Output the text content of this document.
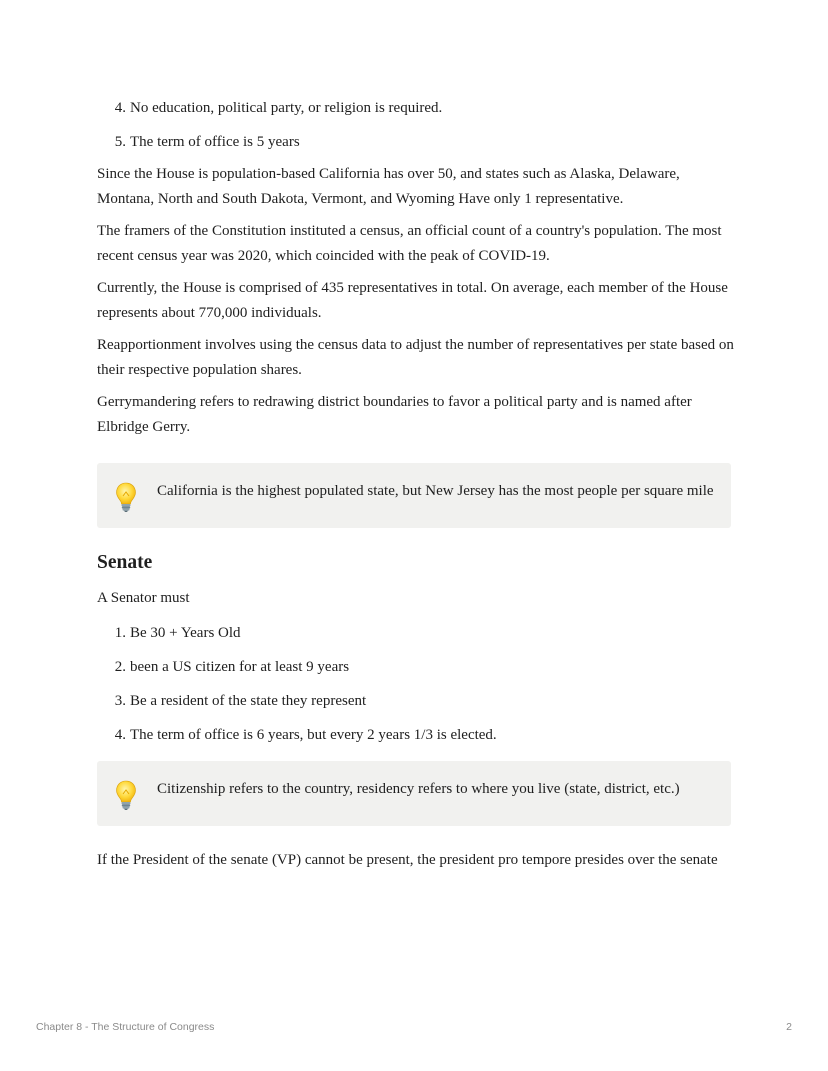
4. No education, political party, or religion is required.
5. The term of office is 5 years

Since the House is population-based California has over 50, and states such as Alaska, Delaware, Montana, North and South Dakota, Vermont, and Wyoming Have only 1 representative.

The framers of the Constitution instituted a census, an official count of a country's population. The most recent census year was 2020, which coincided with the peak of COVID-19.

Currently, the House is comprised of 435 representatives in total. On average, each member of the House represents about 770,000 individuals.

Reapportionment involves using the census data to adjust the number of representatives per state based on their respective population shares.

Gerrymandering refers to redrawing district boundaries to favor a political party and is named after Elbridge Gerry.

California is the highest populated state, but New Jersey has the most people per square mile
Senate

A Senator must

1. Be 30 + Years Old
2. been a US citizen for at least 9 years
3. Be a resident of the state they represent
4. The term of office is 6 years, but every 2 years 1/3 is elected.
Citizenship refers to the country, residency refers to where you live (state, district, etc.)

If the President of the senate (VP) cannot be present, the president pro tempore presides over the senate

Chapter 8 - The Structure of Congress	2
